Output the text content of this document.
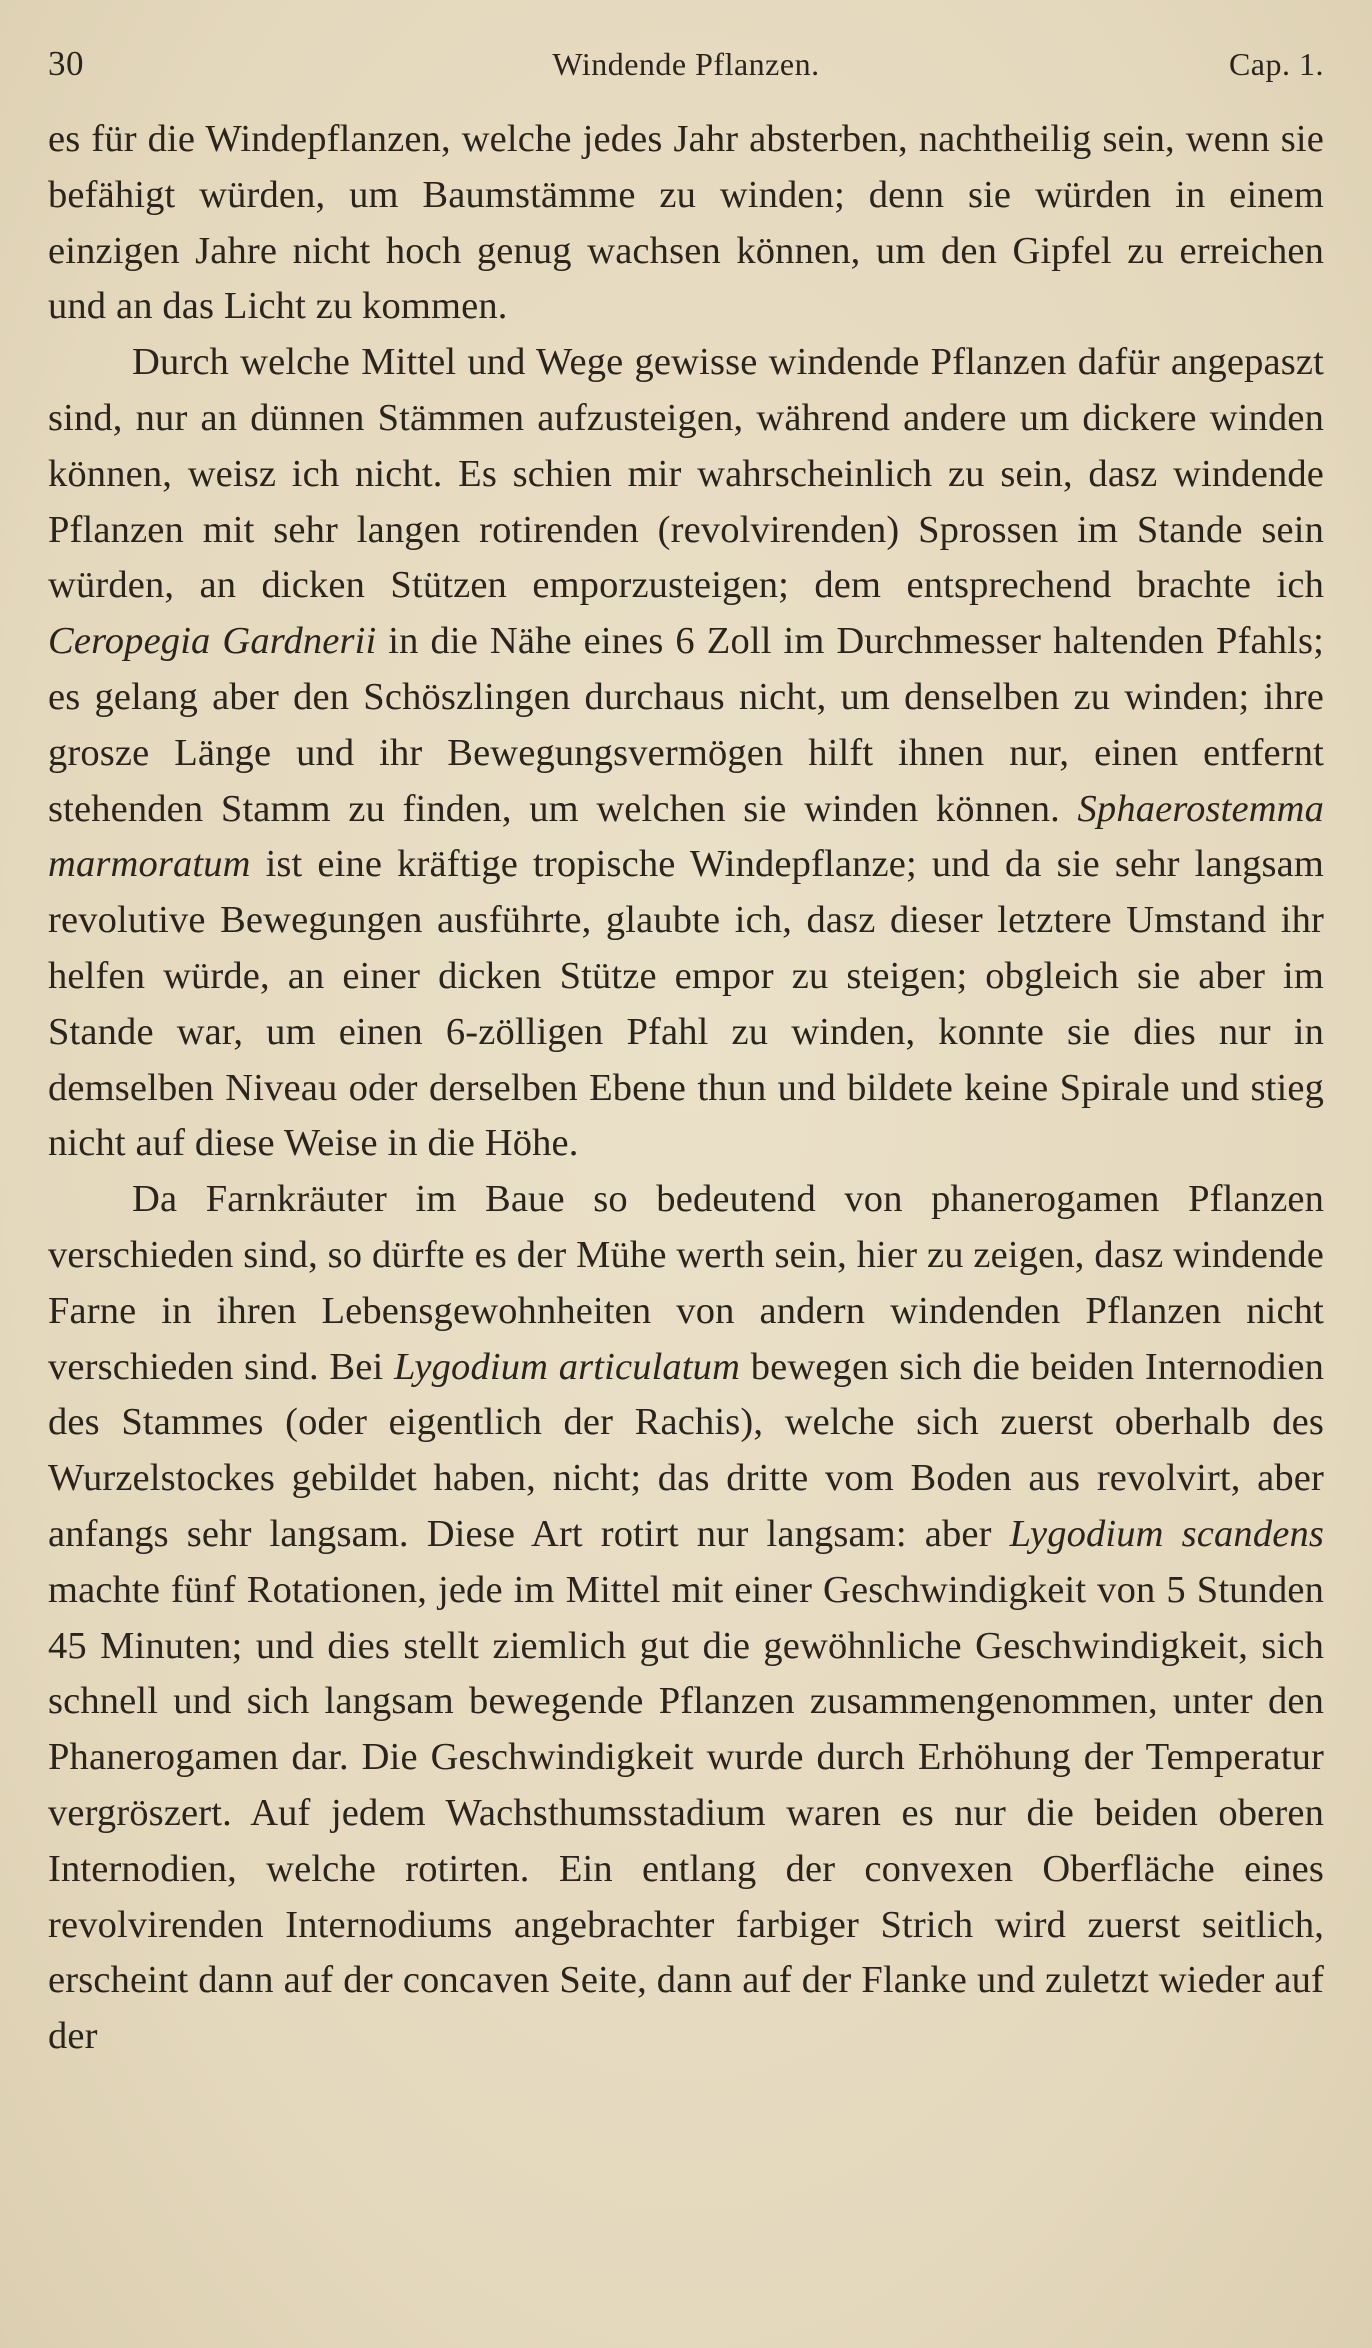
30	Windende Pflanzen.	Cap. 1.

es für die Windepflanzen, welche jedes Jahr absterben, nachtheilig sein, wenn sie befähigt würden, um Baumstämme zu winden; denn sie würden in einem einzigen Jahre nicht hoch genug wachsen können, um den Gipfel zu erreichen und an das Licht zu kommen.

Durch welche Mittel und Wege gewisse windende Pflanzen dafür angepaszt sind, nur an dünnen Stämmen aufzusteigen, während andere um dickere winden können, weisz ich nicht. Es schien mir wahrscheinlich zu sein, dasz windende Pflanzen mit sehr langen rotirenden (revolvirenden) Sprossen im Stande sein würden, an dicken Stützen emporzusteigen; dem entsprechend brachte ich Ceropegia Gardnerii in die Nähe eines 6 Zoll im Durchmesser haltenden Pfahls; es gelang aber den Schöszlingen durchaus nicht, um denselben zu winden; ihre grosze Länge und ihr Bewegungsvermögen hilft ihnen nur, einen entfernt stehenden Stamm zu finden, um welchen sie winden können. Sphaerostemma marmoratum ist eine kräftige tropische Windepflanze; und da sie sehr langsam revolutive Bewegungen ausführte, glaubte ich, dasz dieser letztere Umstand ihr helfen würde, an einer dicken Stütze empor zu steigen; obgleich sie aber im Stande war, um einen 6-zölligen Pfahl zu winden, konnte sie dies nur in demselben Niveau oder derselben Ebene thun und bildete keine Spirale und stieg nicht auf diese Weise in die Höhe.

Da Farnkräuter im Baue so bedeutend von phanerogamen Pflanzen verschieden sind, so dürfte es der Mühe werth sein, hier zu zeigen, dasz windende Farne in ihren Lebensgewohnheiten von andern windenden Pflanzen nicht verschieden sind. Bei Lygodium articulatum bewegen sich die beiden Internodien des Stammes (oder eigentlich der Rachis), welche sich zuerst oberhalb des Wurzelstockes gebildet haben, nicht; das dritte vom Boden aus revolvirt, aber anfangs sehr langsam. Diese Art rotirt nur langsam: aber Lygodium scandens machte fünf Rotationen, jede im Mittel mit einer Geschwindigkeit von 5 Stunden 45 Minuten; und dies stellt ziemlich gut die gewöhnliche Geschwindigkeit, sich schnell und sich langsam bewegende Pflanzen zusammengenommen, unter den Phanerogamen dar. Die Geschwindigkeit wurde durch Erhöhung der Temperatur vergröszert. Auf jedem Wachsthumsstadium waren es nur die beiden oberen Internodien, welche rotirten. Ein entlang der convexen Oberfläche eines revolvirenden Internodiums angebrachter farbiger Strich wird zuerst seitlich, erscheint dann auf der concaven Seite, dann auf der Flanke und zuletzt wieder auf der
